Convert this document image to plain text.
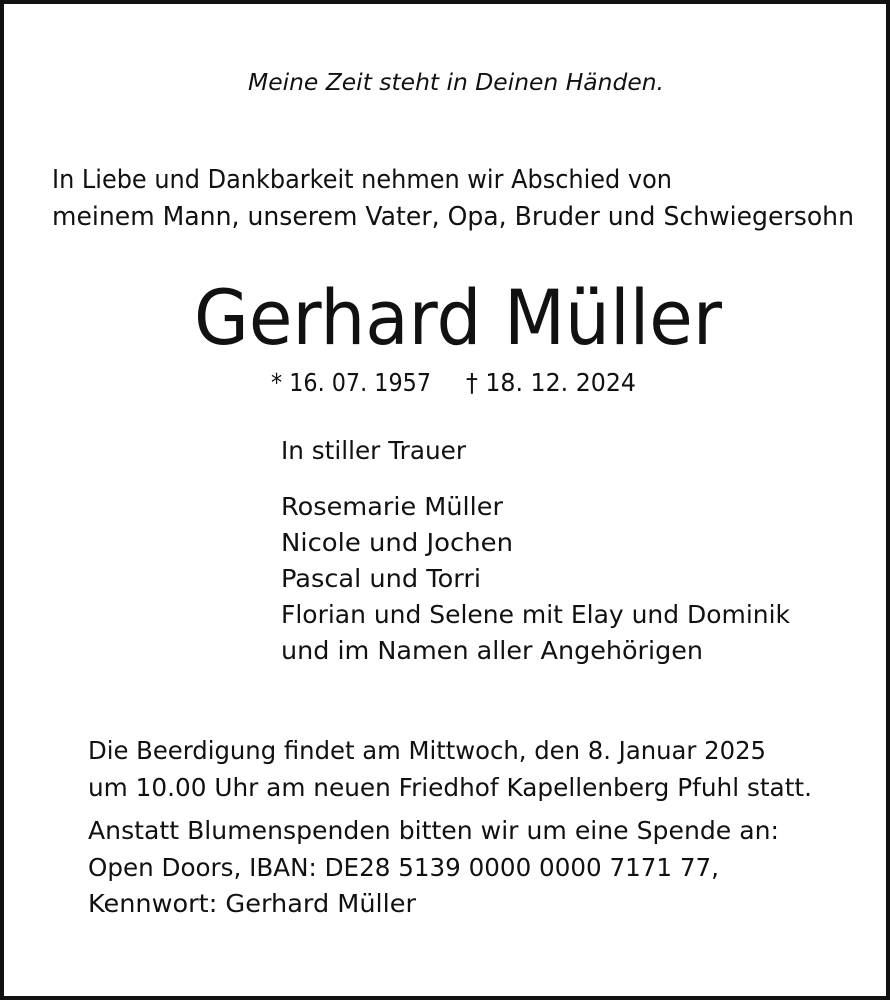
Meine Zeit steht in Deinen Händen.
In Liebe und Dankbarkeit nehmen wir Abschied von
meinem Mann, unserem Vater, Opa, Bruder und Schwiegersohn
Gerhard Müller
* 16. 07. 1957 † 18. 12. 2024
In stiller Trauer
Rosemarie Müller
Nicole und Jochen
Pascal und Torri
Florian und Selene mit Elay und Dominik
und im Namen aller Angehörigen
Die Beerdigung findet am Mittwoch, den 8. Januar 2025
um 10.00 Uhr am neuen Friedhof Kapellenberg Pfuhl statt.
Anstatt Blumenspenden bitten wir um eine Spende an:
Open Doors, IBAN: DE28 5139 0000 0000 7171 77,
Kennwort: Gerhard Müller
